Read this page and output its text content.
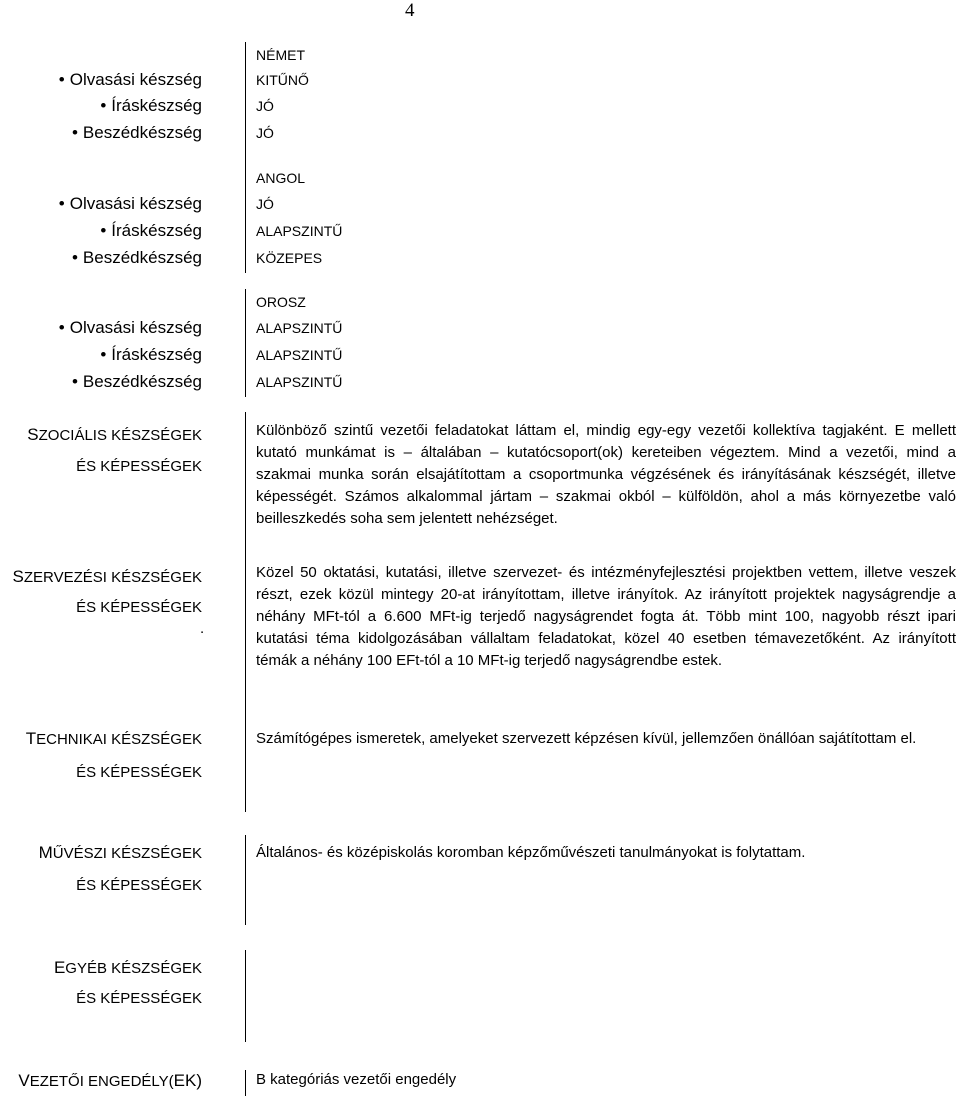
4
NÉMET
• Olvasási készség	KITŰNŐ
• Íráskészség	JÓ
• Beszédkészség	JÓ
ANGOL
• Olvasási készség	JÓ
• Íráskészség	ALAPSZINTŰ
• Beszédkészség	KÖZEPES
OROSZ
• Olvasási készség	ALAPSZINTŰ
• Íráskészség	ALAPSZINTŰ
• Beszédkészség	ALAPSZINTŰ
SZOCIÁLIS KÉSZSÉGEK
ÉS KÉPESSÉGEK
Különböző szintű vezetői feladatokat láttam el, mindig egy-egy vezetői kollektíva tagjaként. E mellett kutató munkámat is – általában – kutatócsoport(ok) kereteiben végeztem. Mind a vezetői, mind a szakmai munka során elsajátítottam a csoportmunka végzésének és irányításának készségét, illetve képességét. Számos alkalommal jártam – szakmai okból – külföldön, ahol a más környezetbe való beilleszkedés soha sem jelentett nehézséget.
SZERVEZÉSI KÉSZSÉGEK
ÉS KÉPESSÉGEK
.
Közel 50 oktatási, kutatási, illetve szervezet- és intézményfejlesztési projektben vettem, illetve veszek részt, ezek közül mintegy 20-at irányítottam, illetve irányítok. Az irányított projektek nagyságrendje a néhány MFt-tól a 6.600 MFt-ig terjedő nagyságrendet fogta át. Több mint 100, nagyobb részt ipari kutatási téma kidolgozásában vállaltam feladatokat, közel 40 esetben témavezetőként. Az irányított témák a néhány 100 EFt-tól a 10 MFt-ig terjedő nagyságrendbe estek.
TECHNIKAI KÉSZSÉGEK
ÉS KÉPESSÉGEK
Számítógépes ismeretek, amelyeket szervezett képzésen kívül, jellemzően önállóan sajátítottam el.
MŰVÉSZI KÉSZSÉGEK
ÉS KÉPESSÉGEK
Általános- és középiskolás koromban képzőművészeti tanulmányokat is folytattam.
EGYÉB KÉSZSÉGEK
ÉS KÉPESSÉGEK
VEZETŐI ENGEDÉLY(EK)	B kategóriás vezetői engedély
